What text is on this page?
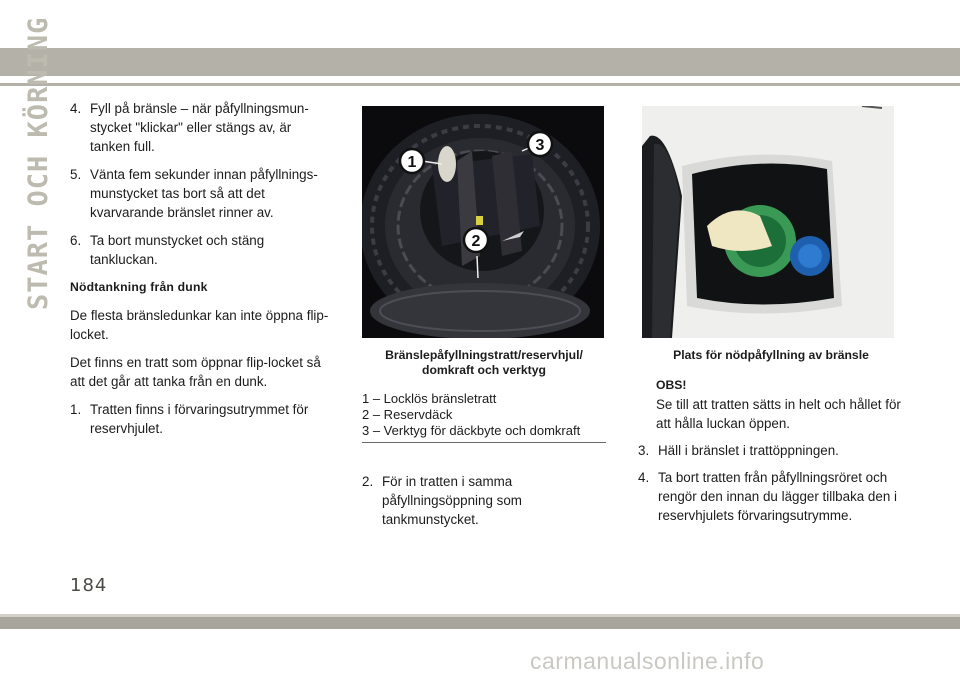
START OCH KÖRNING 4. Fyll på bränsle – när påfyllningsmunstycket "klickar" eller stängs av, är tanken full.
5. Vänta fem sekunder innan påfyllningsmunstycket tas bort så att det kvarvarande bränslet rinner av.
6. Ta bort munstycket och stäng tankluckan.

Nödtankning från dunk

De flesta bränsledunkar kan inte öppna flip-locket.

Det finns en tratt som öppnar flip-locket så att det går att tanka från en dunk.

1. Tratten finns i förvaringsutrymmet för reservhjulet.
1
2
3
Bränslepåfyllningstratt/reservhjul/ domkraft och verktyg
1 – Locklös bränsletratt
2 – Reservdäck
3 – Verktyg för däckbyte och domkraft
2. För in tratten i samma påfyllningsöppning som tankmunstycket.
Plats för nödpåfyllning av bränsle
OBS!
Se till att tratten sätts in helt och hållet för att hålla luckan öppen.
3. Häll i bränslet i trattöppningen.
4. Ta bort tratten från påfyllningsröret och rengör den innan du lägger tillbaka den i reservhjulets förvaringsutrymme.
184
carmanualsonline.info
